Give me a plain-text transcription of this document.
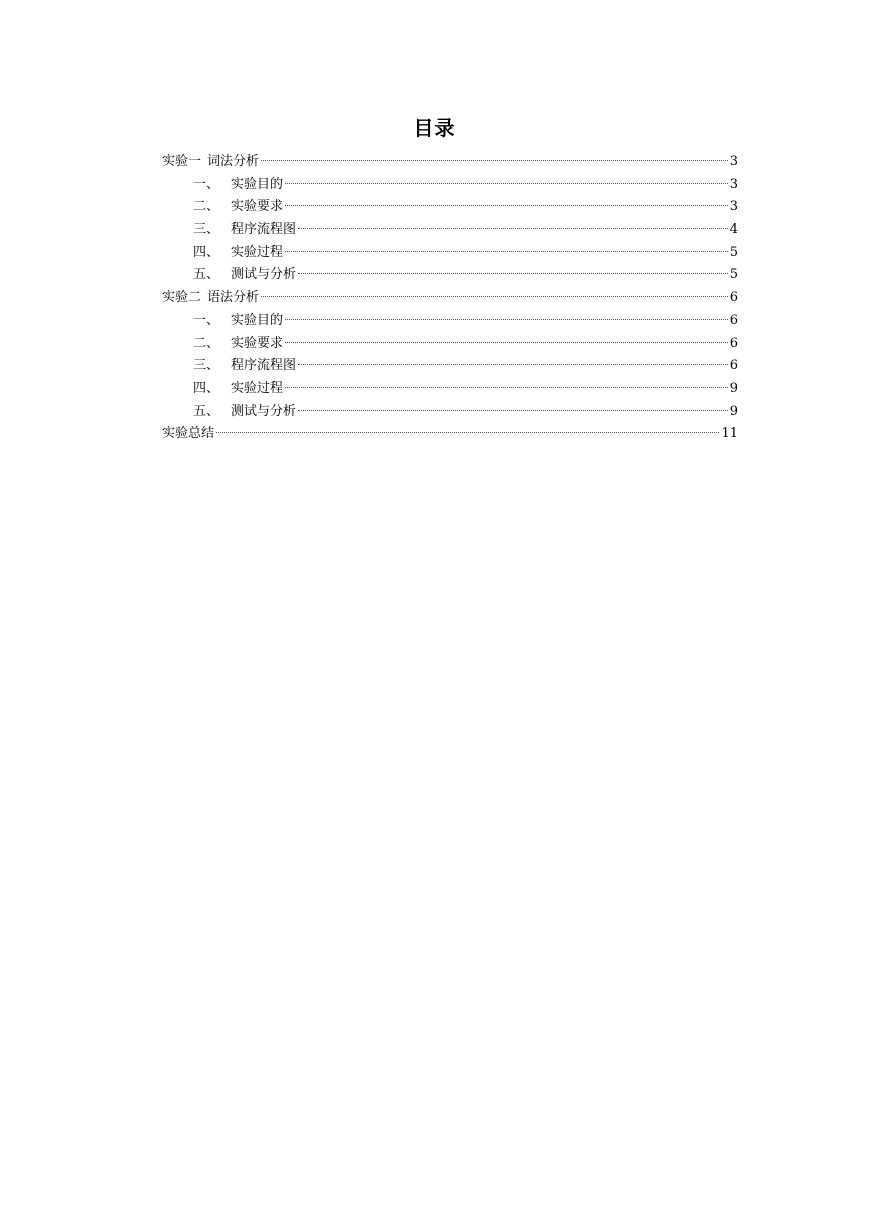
目录
实验一 词法分析	3
一、 实验目的	3
二、 实验要求	3
三、 程序流程图	4
四、 实验过程	5
五、 测试与分析	5
实验二 语法分析	6
一、 实验目的	6
二、 实验要求	6
三、 程序流程图	6
四、 实验过程	9
五、 测试与分析	9
实验总结	11
